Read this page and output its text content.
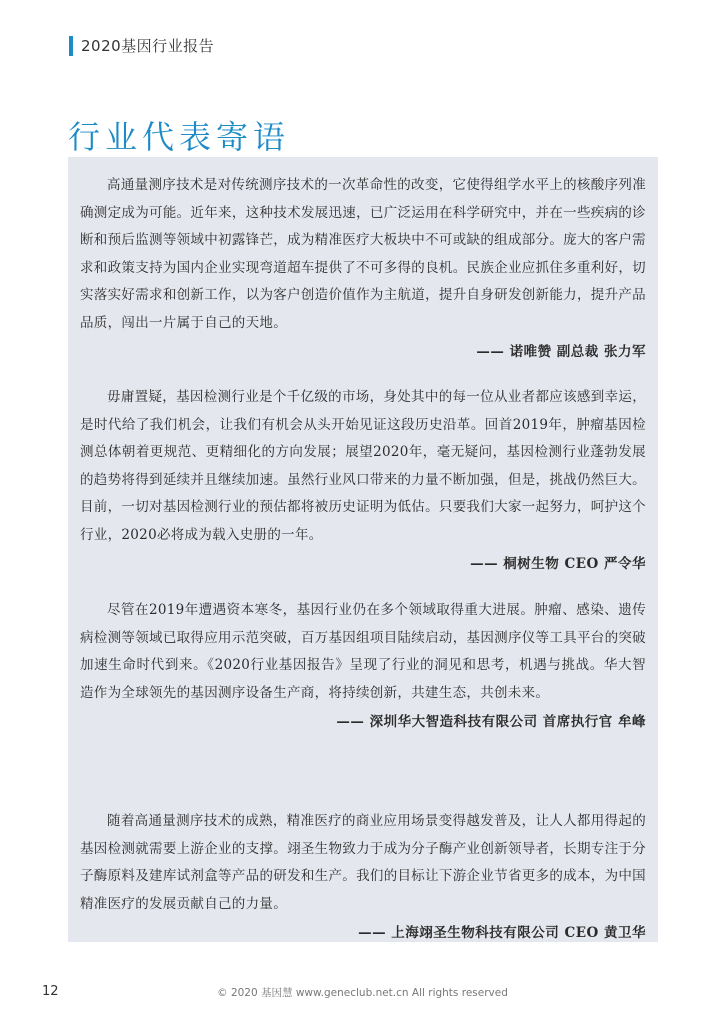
2020基因行业报告
行业代表寄语

高通量测序技术是对传统测序技术的一次革命性的改变，它使得组学水平上的核酸序列准确测定成为可能。近年来，这种技术发展迅速，已广泛运用在科学研究中，并在一些疾病的诊断和预后监测等领域中初露锋芒，成为精准医疗大板块中不可或缺的组成部分。庞大的客户需求和政策支持为国内企业实现弯道超车提供了不可多得的良机。民族企业应抓住多重利好，切实落实好需求和创新工作，以为客户创造价值作为主航道，提升自身研发创新能力，提升产品品质，闯出一片属于自己的天地。

—— 诺唯赞 副总裁 张力军

毋庸置疑，基因检测行业是个千亿级的市场，身处其中的每一位从业者都应该感到幸运，是时代给了我们机会，让我们有机会从头开始见证这段历史沿革。回首2019年，肿瘤基因检测总体朝着更规范、更精细化的方向发展；展望2020年，毫无疑问，基因检测行业蓬勃发展的趋势将得到延续并且继续加速。虽然行业风口带来的力量不断加强，但是，挑战仍然巨大。目前，一切对基因检测行业的预估都将被历史证明为低估。只要我们大家一起努力，呵护这个行业，2020必将成为载入史册的一年。

—— 桐树生物 CEO 严令华

尽管在2019年遭遇资本寒冬，基因行业仍在多个领域取得重大进展。肿瘤、感染、遗传病检测等领域已取得应用示范突破，百万基因组项目陆续启动，基因测序仪等工具平台的突破加速生命时代到来。《2020行业基因报告》呈现了行业的洞见和思考，机遇与挑战。华大智造作为全球领先的基因测序设备生产商，将持续创新，共建生态，共创未来。

—— 深圳华大智造科技有限公司 首席执行官 牟峰

随着高通量测序技术的成熟，精准医疗的商业应用场景变得越发普及，让人人都用得起的基因检测就需要上游企业的支撑。翊圣生物致力于成为分子酶产业创新领导者，长期专注于分子酶原料及建库试剂盒等产品的研发和生产。我们的目标让下游企业节省更多的成本，为中国精准医疗的发展贡献自己的力量。

—— 上海翊圣生物科技有限公司 CEO 黄卫华
12	© 2020 基因慧 www.geneclub.net.cn All rights reserved
